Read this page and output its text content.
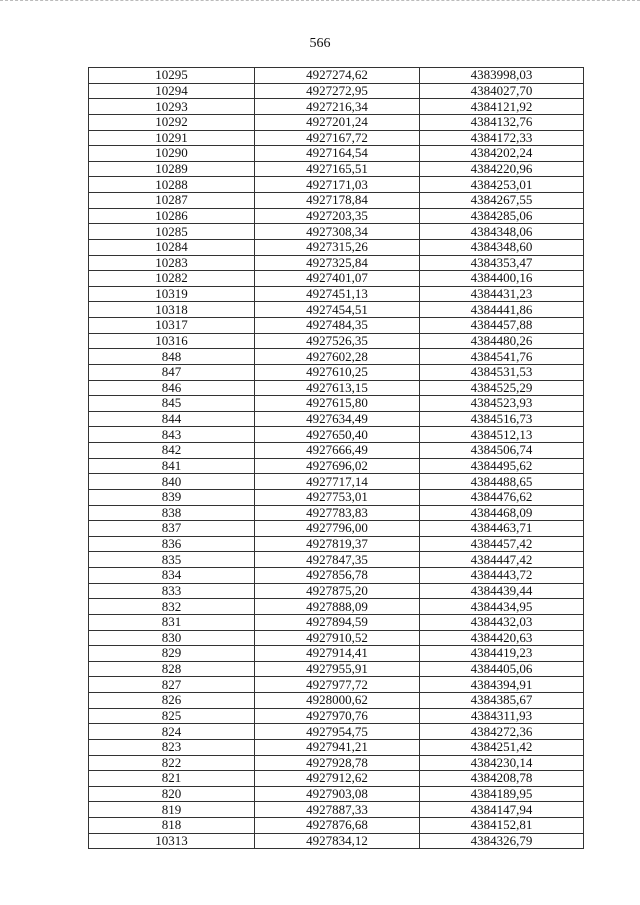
566
10295	4927274,62	4383998,03
10294	4927272,95	4384027,70
10293	4927216,34	4384121,92
10292	4927201,24	4384132,76
10291	4927167,72	4384172,33
10290	4927164,54	4384202,24
10289	4927165,51	4384220,96
10288	4927171,03	4384253,01
10287	4927178,84	4384267,55
10286	4927203,35	4384285,06
10285	4927308,34	4384348,06
10284	4927315,26	4384348,60
10283	4927325,84	4384353,47
10282	4927401,07	4384400,16
10319	4927451,13	4384431,23
10318	4927454,51	4384441,86
10317	4927484,35	4384457,88
10316	4927526,35	4384480,26
848	4927602,28	4384541,76
847	4927610,25	4384531,53
846	4927613,15	4384525,29
845	4927615,80	4384523,93
844	4927634,49	4384516,73
843	4927650,40	4384512,13
842	4927666,49	4384506,74
841	4927696,02	4384495,62
840	4927717,14	4384488,65
839	4927753,01	4384476,62
838	4927783,83	4384468,09
837	4927796,00	4384463,71
836	4927819,37	4384457,42
835	4927847,35	4384447,42
834	4927856,78	4384443,72
833	4927875,20	4384439,44
832	4927888,09	4384434,95
831	4927894,59	4384432,03
830	4927910,52	4384420,63
829	4927914,41	4384419,23
828	4927955,91	4384405,06
827	4927977,72	4384394,91
826	4928000,62	4384385,67
825	4927970,76	4384311,93
824	4927954,75	4384272,36
823	4927941,21	4384251,42
822	4927928,78	4384230,14
821	4927912,62	4384208,78
820	4927903,08	4384189,95
819	4927887,33	4384147,94
818	4927876,68	4384152,81
10313	4927834,12	4384326,79
